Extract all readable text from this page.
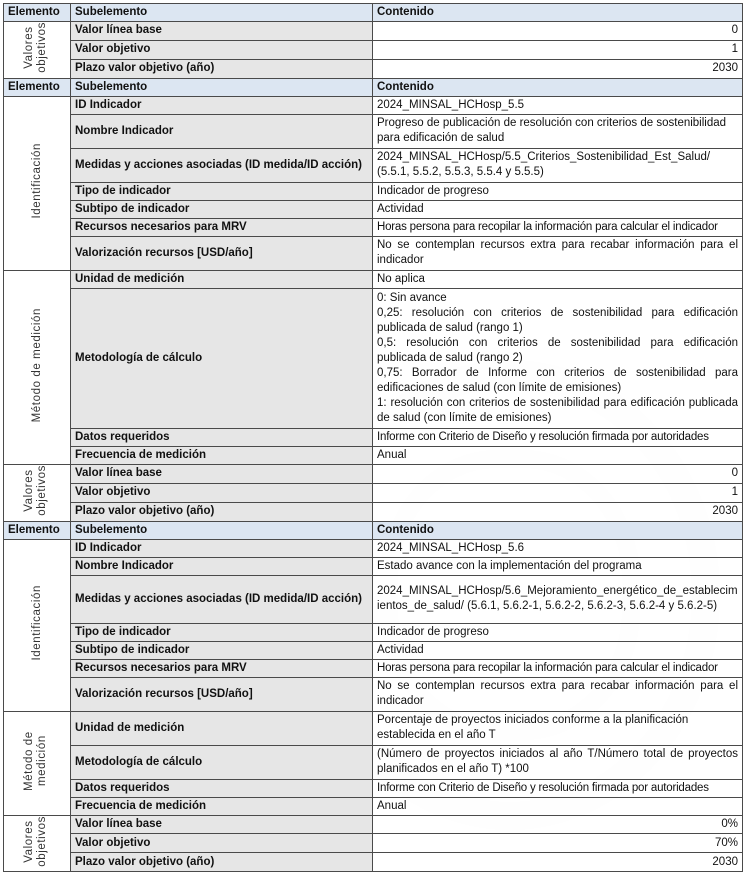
Elemento	Subelemento	Contenido
Valores objetivos	Valor línea base	0
	Valor objetivo	1
	Plazo valor objetivo (año)	2030
Elemento	Subelemento	Contenido
Identificación	ID Indicador	2024_MINSAL_HCHosp_5.5
	Nombre Indicador	Progreso de publicación de resolución con criterios de sostenibilidad para edificación de salud
	Medidas y acciones asociadas (ID medida/ID acción)	2024_MINSAL_HCHosp/5.5_Criterios_Sostenibilidad_Est_Salud/ (5.5.1, 5.5.2, 5.5.3, 5.5.4 y 5.5.5)
	Tipo de indicador	Indicador de progreso
	Subtipo de indicador	Actividad
	Recursos necesarios para MRV	Horas persona para recopilar la información para calcular el indicador
	Valorización recursos [USD/año]	No se contemplan recursos extra para recabar información para el indicador
Método de medición	Unidad de medición	No aplica
	Metodología de cálculo	0: Sin avance
0,25: resolución con criterios de sostenibilidad para edificación publicada de salud (rango 1)
0,5: resolución con criterios de sostenibilidad para edificación publicada de salud (rango 2)
0,75: Borrador de Informe con criterios de sostenibilidad para edificaciones de salud (con límite de emisiones)
1: resolución con criterios de sostenibilidad para edificación publicada de salud (con límite de emisiones)

	Datos requeridos	Informe con Criterio de Diseño y resolución firmada por autoridades
	Frecuencia de medición	Anual
Valores objetivos	Valor línea base	0
	Valor objetivo	1
	Plazo valor objetivo (año)	2030
Elemento	Subelemento	Contenido
Identificación	ID Indicador	2024_MINSAL_HCHosp_5.6
	Nombre Indicador	Estado avance con la implementación del programa
	Medidas y acciones asociadas (ID medida/ID acción)	2024_MINSAL_HCHosp/5.6_Mejoramiento_energético_de_establecimientos_de_salud/ (5.6.1, 5.6.2-1, 5.6.2-2, 5.6.2-3, 5.6.2-4 y 5.6.2-5)
	Tipo de indicador	Indicador de progreso
	Subtipo de indicador	Actividad
	Recursos necesarios para MRV	Horas persona para recopilar la información para calcular el indicador
	Valorización recursos [USD/año]	No se contemplan recursos extra para recabar información para el indicador
Método de medición	Unidad de medición	Porcentaje de proyectos iniciados conforme a la planificación establecida en el año T
	Metodología de cálculo	(Número de proyectos iniciados al año T/Número total de proyectos planificados en el año T) *100
	Datos requeridos	Informe con Criterio de Diseño y resolución firmada por autoridades
	Frecuencia de medición	Anual
Valores objetivos	Valor línea base	0%
	Valor objetivo	70%
	Plazo valor objetivo (año)	2030
